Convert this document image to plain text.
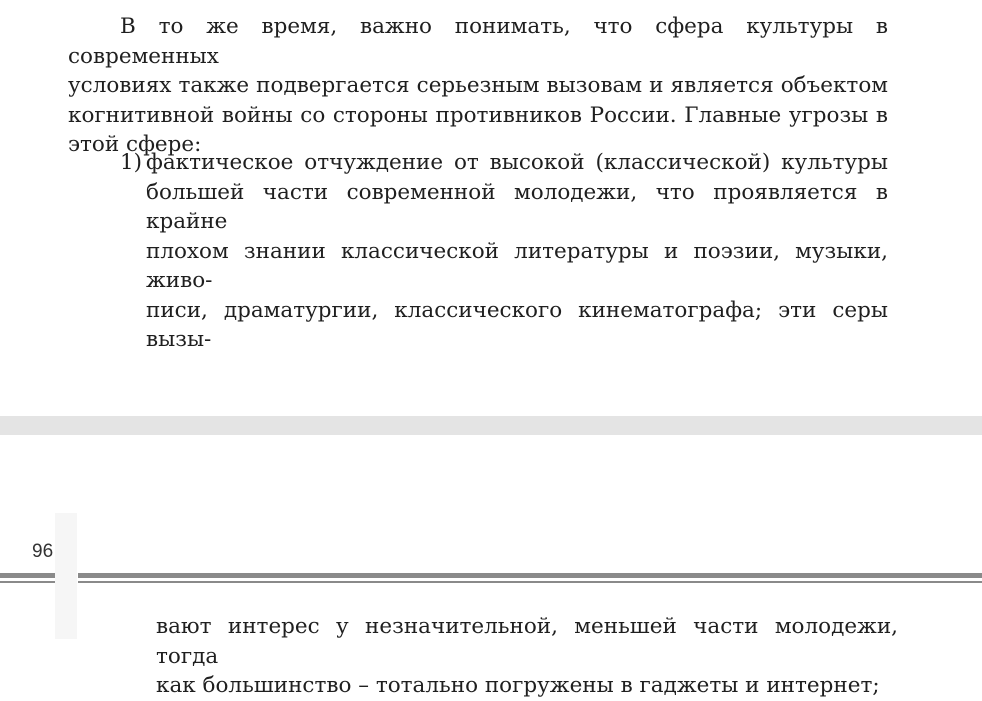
В то же время, важно понимать, что сфера культуры в современных
условиях также подвергается серьезным вызовам и является объектом
когнитивной войны со стороны противников России. Главные угрозы в
этой сфере:

1) фактическое отчуждение от высокой (классической) культуры
большей части современной молодежи, что проявляется в крайне
плохом знании классической литературы и поэзии, музыки, живо-
писи, драматургии, классического кинематографа; эти серы вызы-
96

вают интерес у незначительной, меньшей части молодежи, тогда
как большинство – тотально погружены в гаджеты и интернет;
